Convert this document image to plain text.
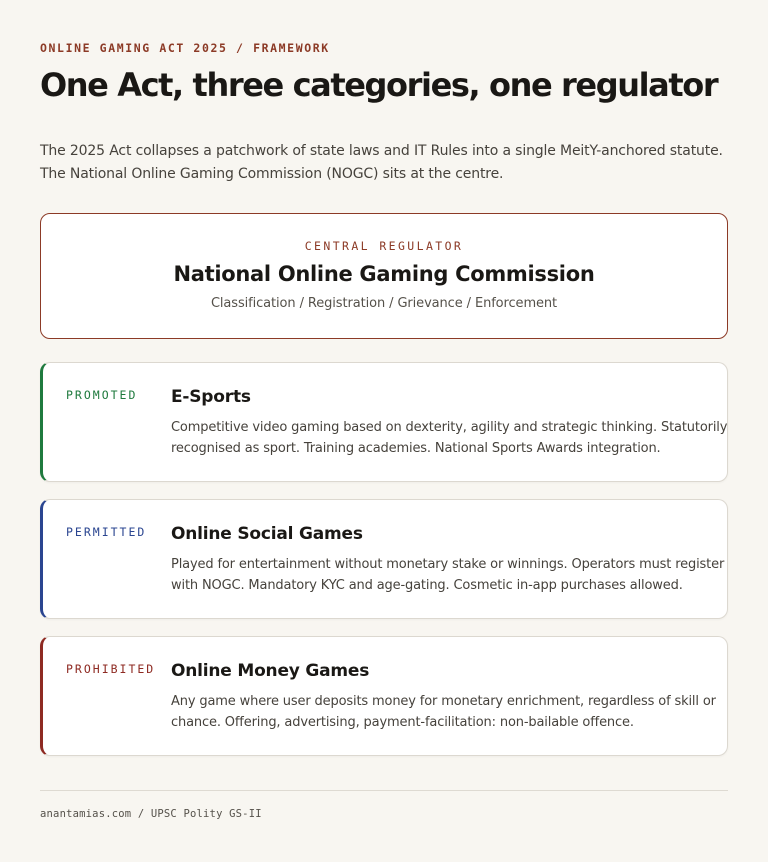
ONLINE GAMING ACT 2025 / FRAMEWORK
One Act, three categories, one regulator

The 2025 Act collapses a patchwork of state laws and IT Rules into a single MeitY-anchored statute.
The National Online Gaming Commission (NOGC) sits at the centre.

CENTRAL REGULATOR
National Online Gaming Commission
Classification / Registration / Grievance / Enforcement
PROMOTED E-Sports
Competitive video gaming based on dexterity, agility and strategic thinking. Statutorily
recognised as sport. Training academies. National Sports Awards integration.
PERMITTED Online Social Games
Played for entertainment without monetary stake or winnings. Operators must register
with NOGC. Mandatory KYC and age-gating. Cosmetic in-app purchases allowed.
PROHIBITED Online Money Games
Any game where user deposits money for monetary enrichment, regardless of skill or
chance. Offering, advertising, payment-facilitation: non-bailable offence.
anantamias.com / UPSC Polity GS-II
